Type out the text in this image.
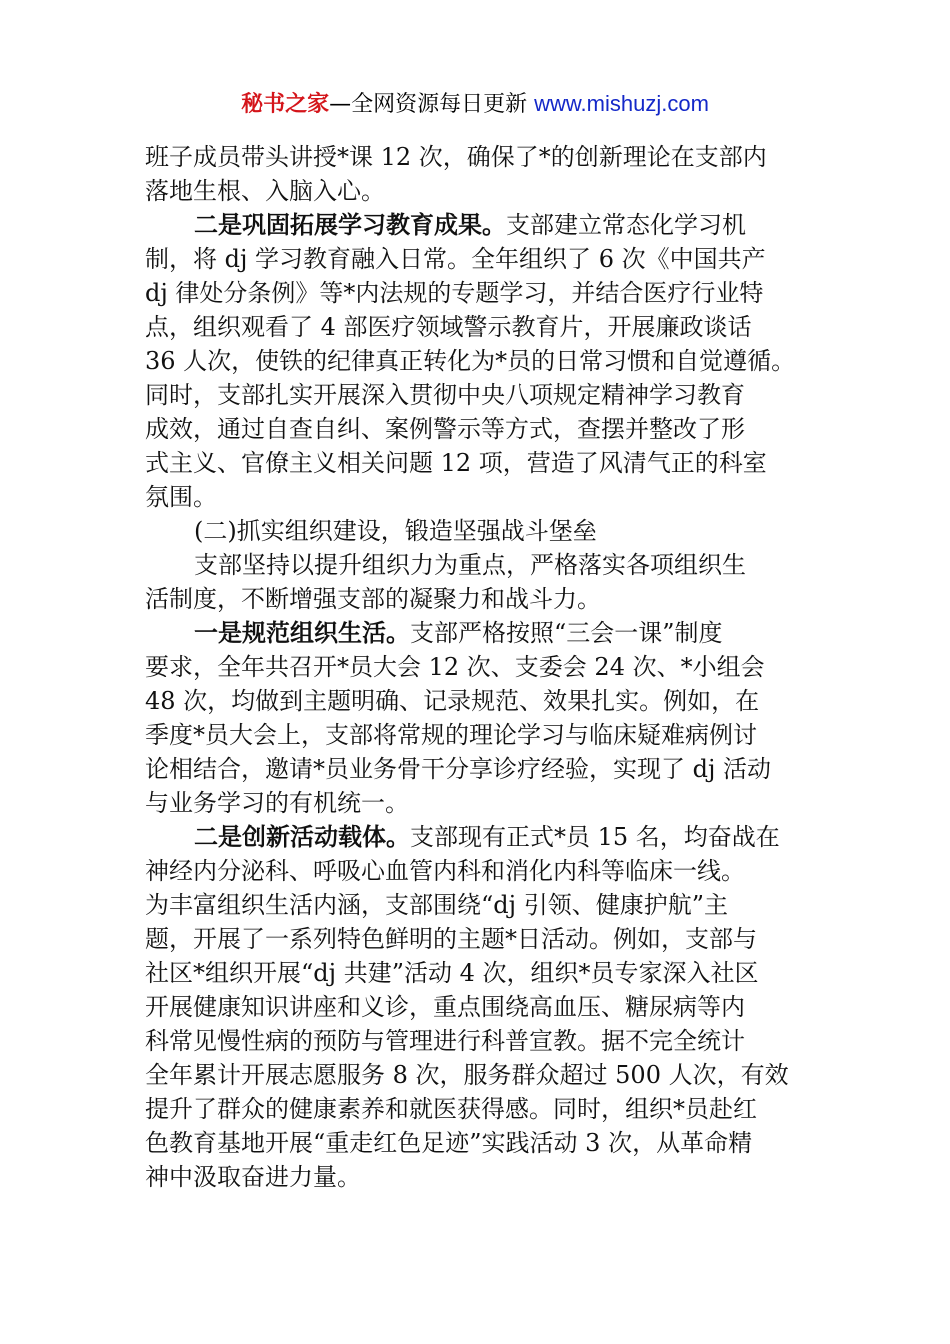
秘书之家—全网资源每日更新 www.mishuzj.com
班子成员带头讲授*课 12 次，确保了*的创新理论在支部内
落地生根、入脑入心。
二是巩固拓展学习教育成果。支部建立常态化学习机
制，将 dj 学习教育融入日常。全年组织了 6 次《中国共产
dj 律处分条例》等*内法规的专题学习，并结合医疗行业特
点，组织观看了 4 部医疗领域警示教育片，开展廉政谈话
36 人次，使铁的纪律真正转化为*员的日常习惯和自觉遵循。
同时，支部扎实开展深入贯彻中央八项规定精神学习教育
成效，通过自查自纠、案例警示等方式，查摆并整改了形
式主义、官僚主义相关问题 12 项，营造了风清气正的科室
氛围。
(二)抓实组织建设，锻造坚强战斗堡垒
支部坚持以提升组织力为重点，严格落实各项组织生
活制度，不断增强支部的凝聚力和战斗力。
一是规范组织生活。支部严格按照“三会一课”制度
要求，全年共召开*员大会 12 次、支委会 24 次、*小组会
48 次，均做到主题明确、记录规范、效果扎实。例如，在
季度*员大会上，支部将常规的理论学习与临床疑难病例讨
论相结合，邀请*员业务骨干分享诊疗经验，实现了 dj 活动
与业务学习的有机统一。
二是创新活动载体。支部现有正式*员 15 名，均奋战在
神经内分泌科、呼吸心血管内科和消化内科等临床一线。
为丰富组织生活内涵，支部围绕“dj 引领、健康护航”主
题，开展了一系列特色鲜明的主题*日活动。例如，支部与
社区*组织开展“dj 共建”活动 4 次，组织*员专家深入社区
开展健康知识讲座和义诊，重点围绕高血压、糖尿病等内
科常见慢性病的预防与管理进行科普宣教。据不完全统计
全年累计开展志愿服务 8 次，服务群众超过 500 人次，有效
提升了群众的健康素养和就医获得感。同时，组织*员赴红
色教育基地开展“重走红色足迹”实践活动 3 次，从革命精
神中汲取奋进力量。
